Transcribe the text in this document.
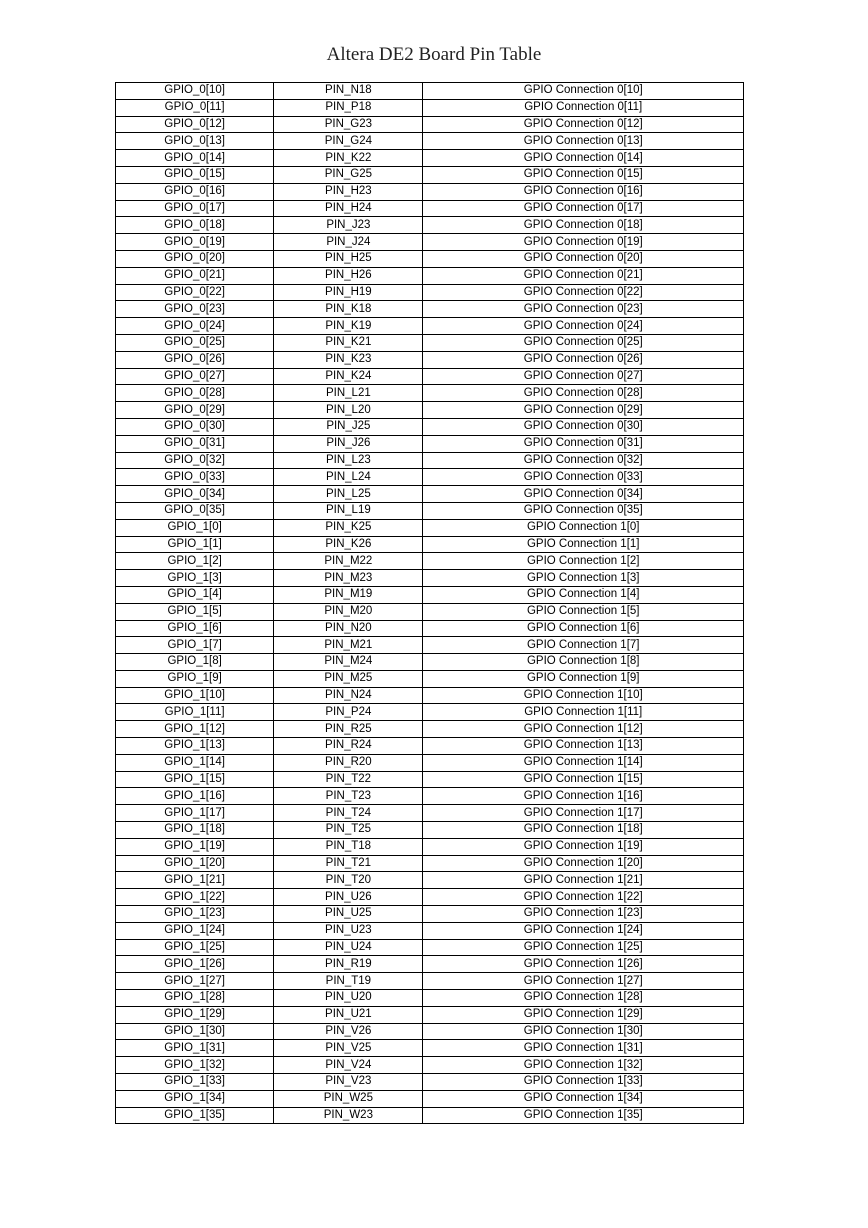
Altera DE2 Board Pin Table
GPIO_0[10]	PIN_N18	GPIO Connection 0[10]
GPIO_0[11]	PIN_P18	GPIO Connection 0[11]
GPIO_0[12]	PIN_G23	GPIO Connection 0[12]
GPIO_0[13]	PIN_G24	GPIO Connection 0[13]
GPIO_0[14]	PIN_K22	GPIO Connection 0[14]
GPIO_0[15]	PIN_G25	GPIO Connection 0[15]
GPIO_0[16]	PIN_H23	GPIO Connection 0[16]
GPIO_0[17]	PIN_H24	GPIO Connection 0[17]
GPIO_0[18]	PIN_J23	GPIO Connection 0[18]
GPIO_0[19]	PIN_J24	GPIO Connection 0[19]
GPIO_0[20]	PIN_H25	GPIO Connection 0[20]
GPIO_0[21]	PIN_H26	GPIO Connection 0[21]
GPIO_0[22]	PIN_H19	GPIO Connection 0[22]
GPIO_0[23]	PIN_K18	GPIO Connection 0[23]
GPIO_0[24]	PIN_K19	GPIO Connection 0[24]
GPIO_0[25]	PIN_K21	GPIO Connection 0[25]
GPIO_0[26]	PIN_K23	GPIO Connection 0[26]
GPIO_0[27]	PIN_K24	GPIO Connection 0[27]
GPIO_0[28]	PIN_L21	GPIO Connection 0[28]
GPIO_0[29]	PIN_L20	GPIO Connection 0[29]
GPIO_0[30]	PIN_J25	GPIO Connection 0[30]
GPIO_0[31]	PIN_J26	GPIO Connection 0[31]
GPIO_0[32]	PIN_L23	GPIO Connection 0[32]
GPIO_0[33]	PIN_L24	GPIO Connection 0[33]
GPIO_0[34]	PIN_L25	GPIO Connection 0[34]
GPIO_0[35]	PIN_L19	GPIO Connection 0[35]
GPIO_1[0]	PIN_K25	GPIO Connection 1[0]
GPIO_1[1]	PIN_K26	GPIO Connection 1[1]
GPIO_1[2]	PIN_M22	GPIO Connection 1[2]
GPIO_1[3]	PIN_M23	GPIO Connection 1[3]
GPIO_1[4]	PIN_M19	GPIO Connection 1[4]
GPIO_1[5]	PIN_M20	GPIO Connection 1[5]
GPIO_1[6]	PIN_N20	GPIO Connection 1[6]
GPIO_1[7]	PIN_M21	GPIO Connection 1[7]
GPIO_1[8]	PIN_M24	GPIO Connection 1[8]
GPIO_1[9]	PIN_M25	GPIO Connection 1[9]
GPIO_1[10]	PIN_N24	GPIO Connection 1[10]
GPIO_1[11]	PIN_P24	GPIO Connection 1[11]
GPIO_1[12]	PIN_R25	GPIO Connection 1[12]
GPIO_1[13]	PIN_R24	GPIO Connection 1[13]
GPIO_1[14]	PIN_R20	GPIO Connection 1[14]
GPIO_1[15]	PIN_T22	GPIO Connection 1[15]
GPIO_1[16]	PIN_T23	GPIO Connection 1[16]
GPIO_1[17]	PIN_T24	GPIO Connection 1[17]
GPIO_1[18]	PIN_T25	GPIO Connection 1[18]
GPIO_1[19]	PIN_T18	GPIO Connection 1[19]
GPIO_1[20]	PIN_T21	GPIO Connection 1[20]
GPIO_1[21]	PIN_T20	GPIO Connection 1[21]
GPIO_1[22]	PIN_U26	GPIO Connection 1[22]
GPIO_1[23]	PIN_U25	GPIO Connection 1[23]
GPIO_1[24]	PIN_U23	GPIO Connection 1[24]
GPIO_1[25]	PIN_U24	GPIO Connection 1[25]
GPIO_1[26]	PIN_R19	GPIO Connection 1[26]
GPIO_1[27]	PIN_T19	GPIO Connection 1[27]
GPIO_1[28]	PIN_U20	GPIO Connection 1[28]
GPIO_1[29]	PIN_U21	GPIO Connection 1[29]
GPIO_1[30]	PIN_V26	GPIO Connection 1[30]
GPIO_1[31]	PIN_V25	GPIO Connection 1[31]
GPIO_1[32]	PIN_V24	GPIO Connection 1[32]
GPIO_1[33]	PIN_V23	GPIO Connection 1[33]
GPIO_1[34]	PIN_W25	GPIO Connection 1[34]
GPIO_1[35]	PIN_W23	GPIO Connection 1[35]
